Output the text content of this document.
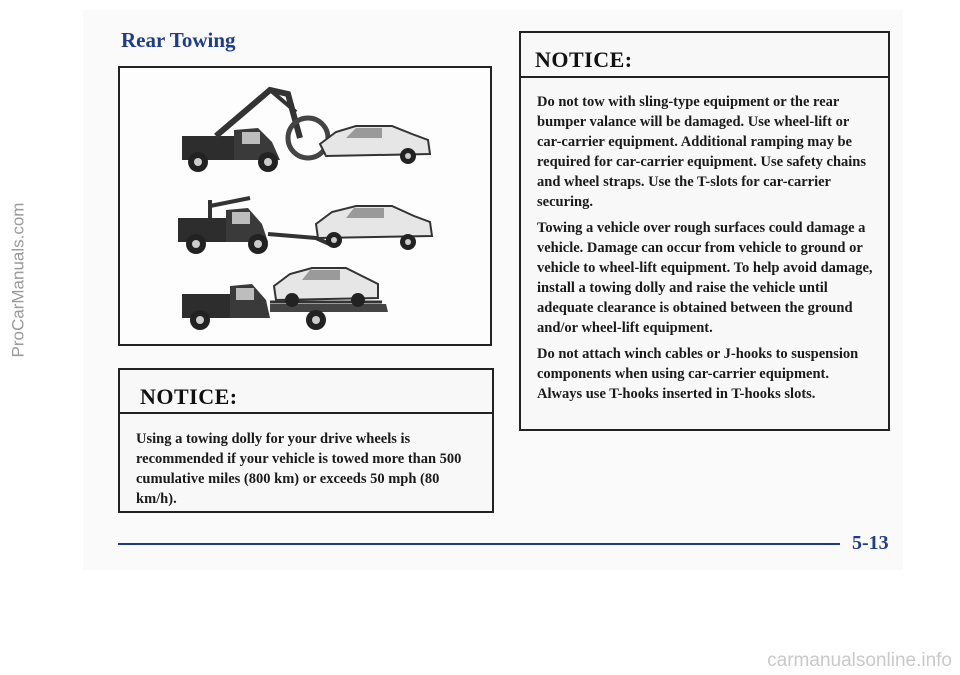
Rear Towing
NOTICE:

Using a towing dolly for your drive wheels is recommended if your vehicle is towed more than 500 cumulative miles (800 km) or exceeds 50 mph (80 km/h).

NOTICE:

Do not tow with sling-type equipment or the rear bumper valance will be damaged. Use wheel-lift or car-carrier equipment. Additional ramping may be required for car-carrier equipment. Use safety chains and wheel straps. Use the T-slots for car-carrier securing.

Towing a vehicle over rough surfaces could damage a vehicle. Damage can occur from vehicle to ground or vehicle to wheel-lift equipment. To help avoid damage, install a towing dolly and raise the vehicle until adequate clearance is obtained between the ground and/or wheel-lift equipment.

Do not attach winch cables or J-hooks to suspension components when using car-carrier equipment. Always use T-hooks inserted in T-hooks slots.

5-13
ProCarManuals.com
carmanualsonline.info
